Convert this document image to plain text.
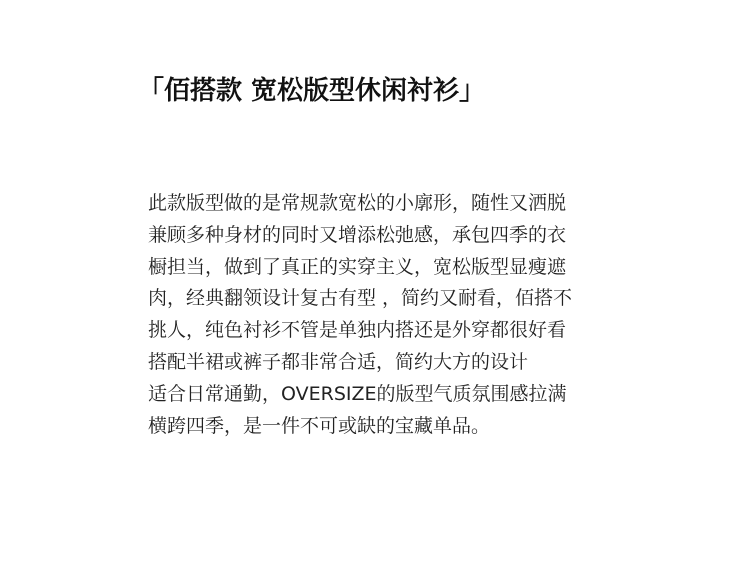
「佰搭款 宽松版型休闲衬衫」

此款版型做的是常规款宽松的小廓形，随性又洒脱

兼顾多种身材的同时又增添松弛感，承包四季的衣

橱担当，做到了真正的实穿主义，宽松版型显瘦遮

肉，经典翻领设计复古有型 ，简约又耐看，佰搭不

挑人，纯色衬衫不管是单独内搭还是外穿都很好看

搭配半裙或裤子都非常合适，简约大方的设计

适合日常通勤，OVERSIZE的版型气质氛围感拉满

横跨四季，是一件不可或缺的宝藏单品。
